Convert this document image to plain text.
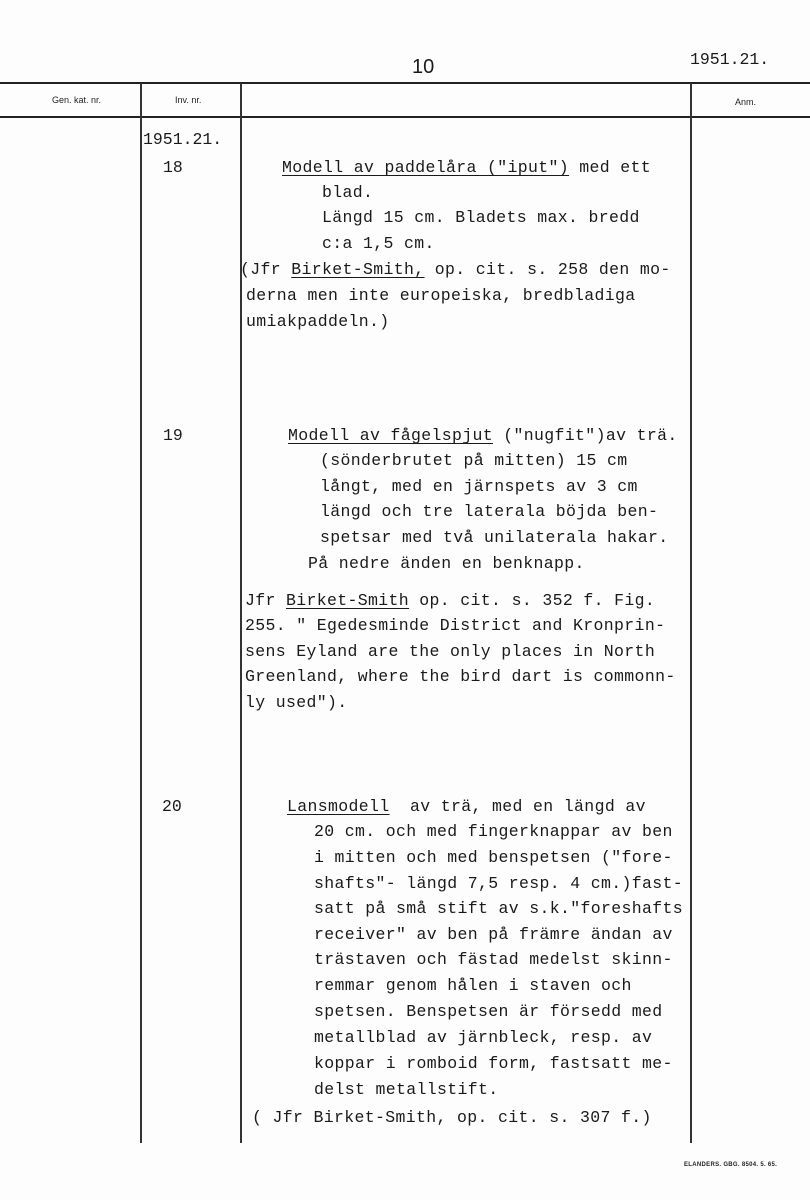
10	1951.21.
Gen. kat. nr.	Inv. nr.	Anm.
1951.21.
18	Modell av paddelåra ("iput") med ett
blad.
Längd 15 cm. Bladets max. bredd
c:a 1,5 cm.
(Jfr Birket-Smith, op. cit. s. 258 den mo-
derna men inte europeiska, bredbladiga
umiakpaddeln.)
19	Modell av fågelspjut ("nugfit")av trä.
(sönderbrutet på mitten) 15 cm
långt, med en järnspets av 3 cm
längd och tre laterala böjda ben-
spetsar med två unilaterala hakar.
På nedre änden en benknapp.
Jfr Birket-Smith op. cit. s. 352 f. Fig.
255. " Egedesminde District and Kronprin-
sens Eyland are the only places in North
Greenland, where the bird dart is commonn-
ly used").
20	Lansmodell  av trä, med en längd av
20 cm. och med fingerknappar av ben
i mitten och med benspetsen ("fore-
shafts"- längd 7,5 resp. 4 cm.)fast-
satt på små stift av s.k."foreshafts
receiver" av ben på främre ändan av
trästaven och fästad medelst skinn-
remmar genom hålen i staven och
spetsen. Benspetsen är försedd med
metallblad av järnbleck, resp. av
koppar i romboid form, fastsatt me-
delst metallstift.
( Jfr Birket-Smith, op. cit. s. 307 f.)
ELANDERS. GBG. 8504. 5. 65.
